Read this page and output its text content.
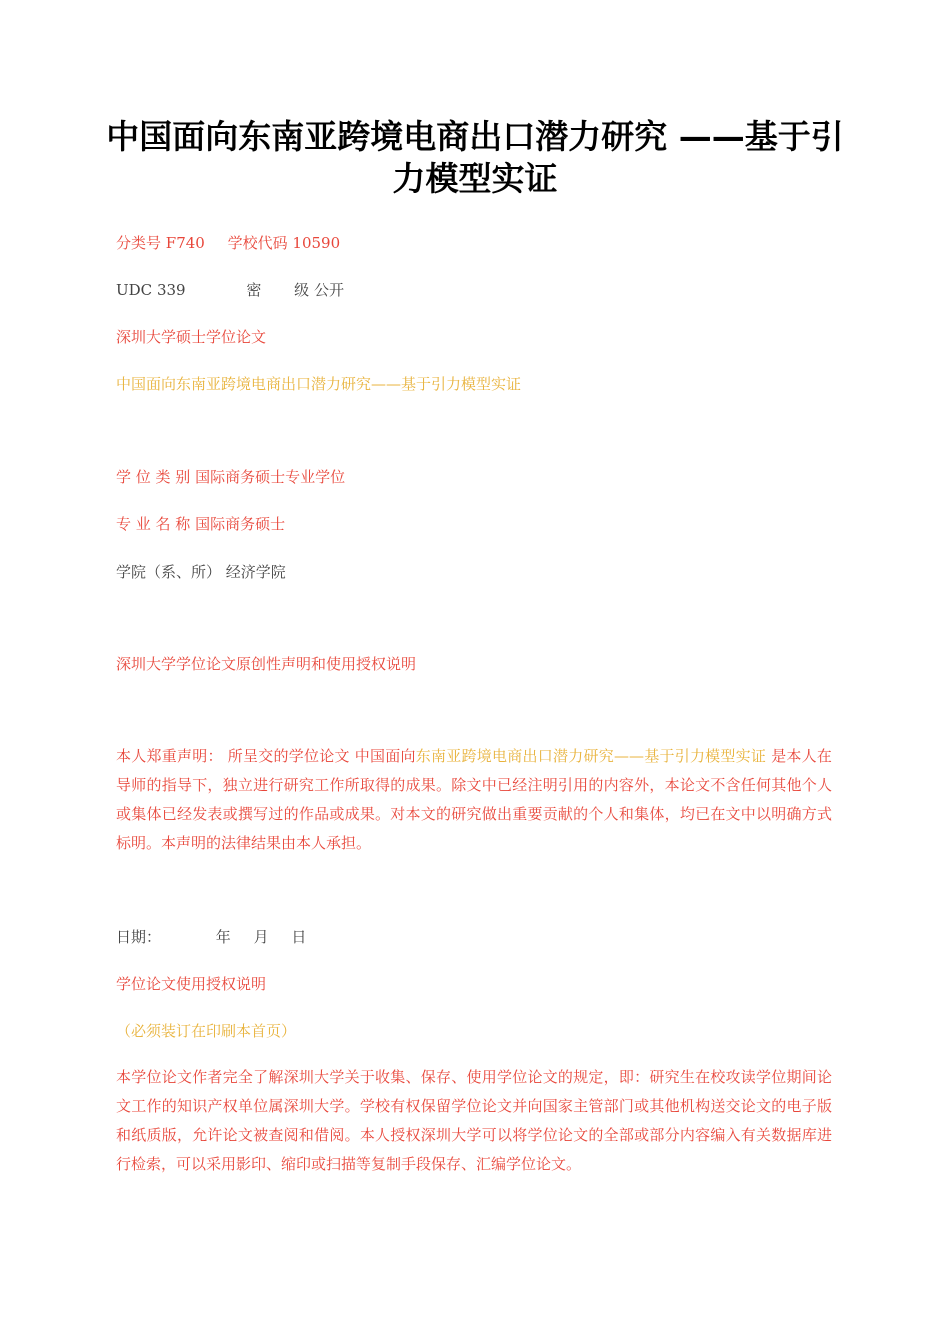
中国面向东南亚跨境电商出口潜力研究 ——基于引力模型实证

分类号 F740 学校代码 10590

UDC 339	密 级 公开

深圳大学硕士学位论文

中国面向东南亚跨境电商出口潜力研究——基于引力模型实证

学 位 类 别 国际商务硕士专业学位

专 业 名 称 国际商务硕士

学院（系、所） 经济学院

深圳大学学位论文原创性声明和使用授权说明

本人郑重声明： 所呈交的学位论文 中国面向东南亚跨境电商出口潜力研究——基于引力模型实证 是本人在导师的指导下，独立进行研究工作所取得的成果。除文中已经注明引用的内容外，本论文不含任何其他个人或集体已经发表或撰写过的作品或成果。对本文的研究做出重要贡献的个人和集体，均已在文中以明确方式标明。本声明的法律结果由本人承担。

日期：	年 月 日

学位论文使用授权说明

（必须装订在印刷本首页）

本学位论文作者完全了解深圳大学关于收集、保存、使用学位论文的规定，即：研究生在校攻读学位期间论文工作的知识产权单位属深圳大学。学校有权保留学位论文并向国家主管部门或其他机构送交论文的电子版和纸质版，允许论文被查阅和借阅。本人授权深圳大学可以将学位论文的全部或部分内容编入有关数据库进行检索，可以采用影印、缩印或扫描等复制手段保存、汇编学位论文。
